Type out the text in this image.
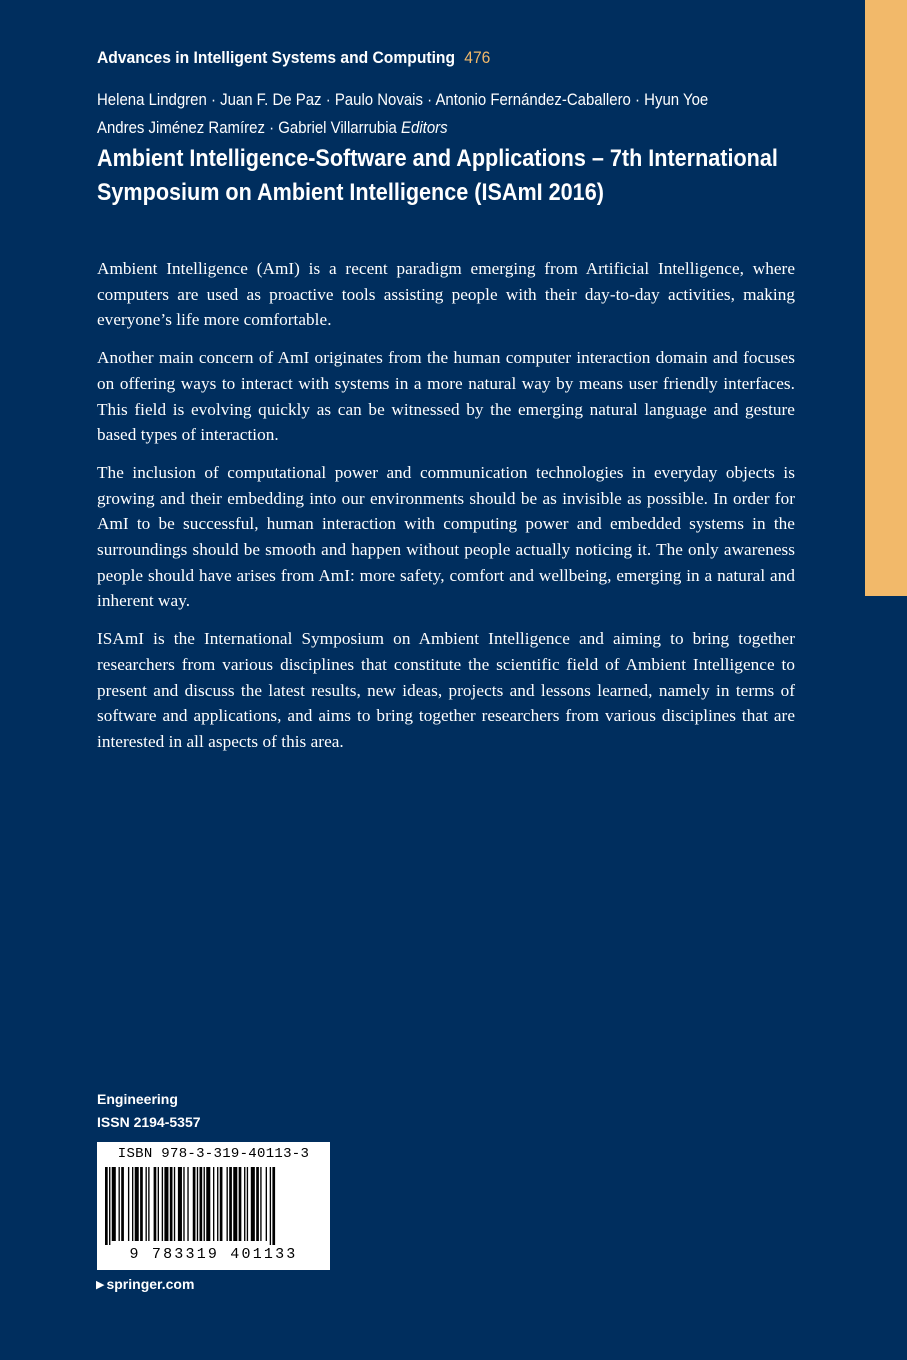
Advances in Intelligent Systems and Computing 476
Helena Lindgren · Juan F. De Paz · Paulo Novais · Antonio Fernández-Caballero · Hyun Yoe
Andres Jiménez Ramírez · Gabriel Villarrubia Editors
Ambient Intelligence-Software and Applications – 7th International Symposium on Ambient Intelligence (ISAmI 2016)

Ambient Intelligence (AmI) is a recent paradigm emerging from Artificial Intelligence, where computers are used as proactive tools assisting people with their day-to-day activities, making everyone’s life more comfortable.

Another main concern of AmI originates from the human computer interaction domain and focuses on offering ways to interact with systems in a more natural way by means user friendly interfaces. This field is evolving quickly as can be witnessed by the emerging natural language and gesture based types of interaction.

The inclusion of computational power and communication technologies in everyday objects is growing and their embedding into our environments should be as invisible as possible. In order for AmI to be successful, human interaction with computing power and embedded systems in the surroundings should be smooth and happen without people actually noticing it. The only awareness people should have arises from AmI: more safety, comfort and wellbeing, emerging in a natural and inherent way.

ISAmI is the International Symposium on Ambient Intelligence and aiming to bring together researchers from various disciplines that constitute the scientific field of Ambient Intelligence to present and discuss the latest results, new ideas, projects and lessons learned, namely in terms of software and applications, and aims to bring together researchers from various disciplines that are interested in all aspects of this area.

Engineering
ISSN 2194-5357
ISBN 978-3-319-40113-3
9 783319 401133
▶ springer.com
